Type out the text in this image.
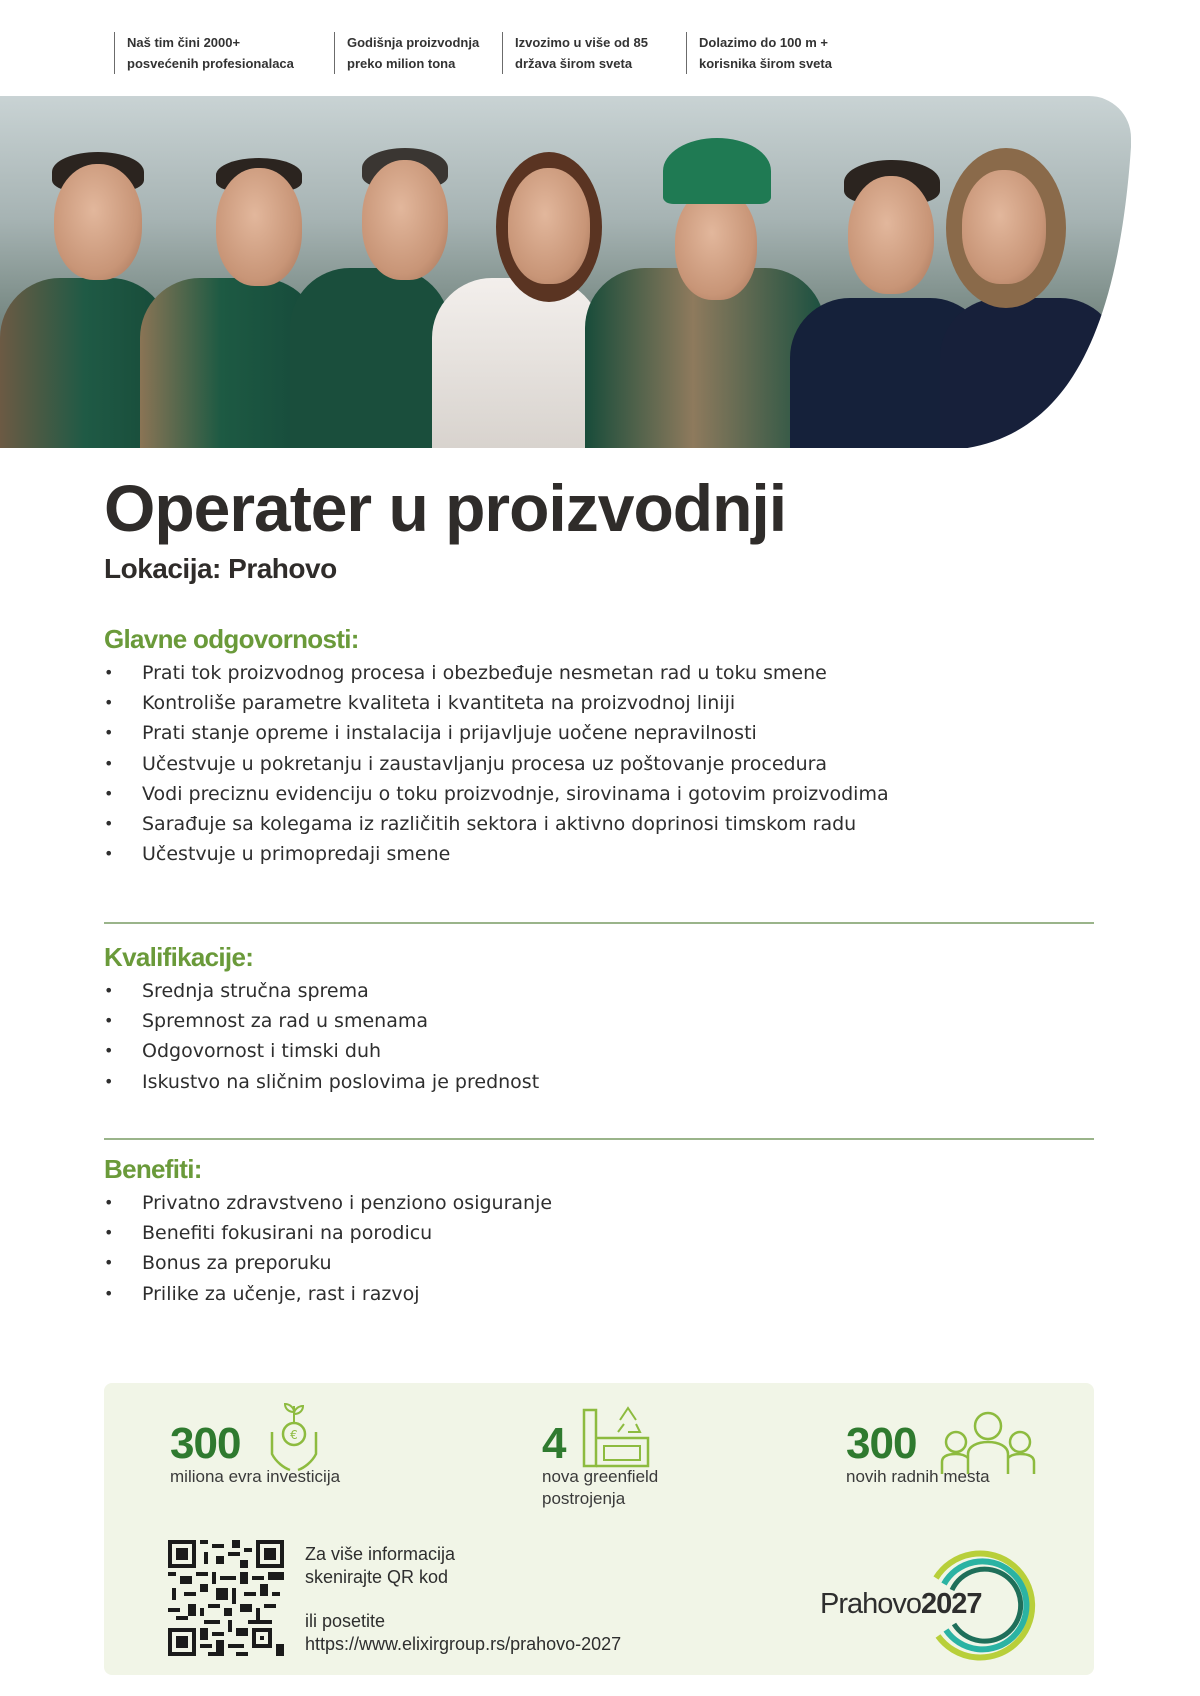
Naš tim čini 2000+
posvećenih profesionalaca
Godišnja proizvodnja
preko milion tona
Izvozimo u više od 85
država širom sveta
Dolazimo do 100 m +
korisnika širom sveta
Operater u proizvodnji
Lokacija: Prahovo
Glavne odgovornosti:
• Prati tok proizvodnog procesa i obezbeđuje nesmetan rad u toku smene
• Kontroliše parametre kvaliteta i kvantiteta na proizvodnoj liniji
• Prati stanje opreme i instalacija i prijavljuje uočene nepravilnosti
• Učestvuje u pokretanju i zaustavljanju procesa uz poštovanje procedura
• Vodi preciznu evidenciju o toku proizvodnje, sirovinama i gotovim proizvodima
• Sarađuje sa kolegama iz različitih sektora i aktivno doprinosi timskom radu
• Učestvuje u primopredaji smene
Kvalifikacije:
• Srednja stručna sprema
• Spremnost za rad u smenama
• Odgovornost i timski duh
• Iskustvo na sličnim poslovima je prednost
Benefiti:
• Privatno zdravstveno i penziono osiguranje
• Benefiti fokusirani na porodicu
• Bonus za preporuku
• Prilike za učenje, rast i razvoj
300
miliona evra investicija
€	4
nova greenfield
postrojenja
300
novih radnih mesta
Za više informacija
skenirajte QR kod
ili posetite
https://www.elixirgroup.rs/prahovo-2027
Prahovo2027
